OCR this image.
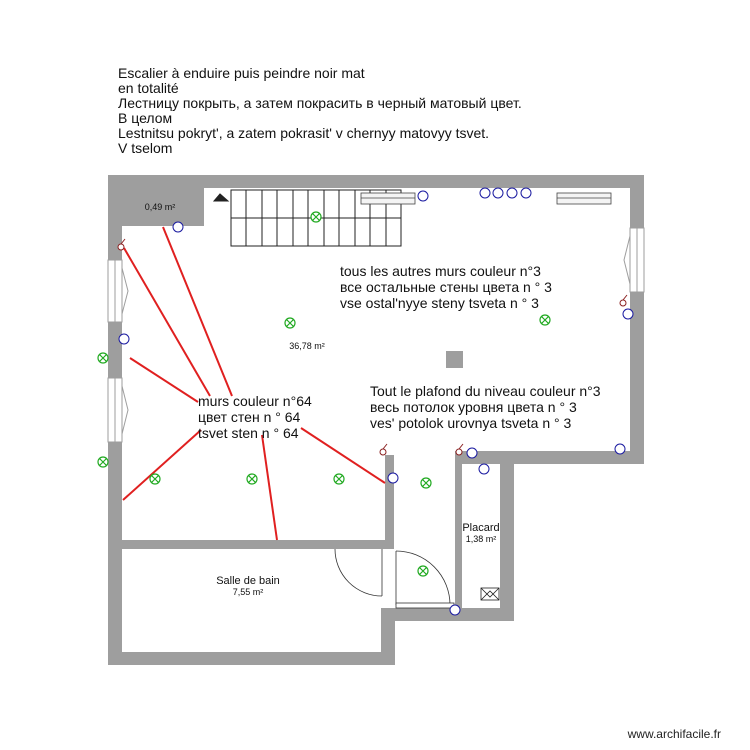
Escalier à enduire puis peindre noir mat
en totalité
Лестницу покрыть, а затем покрасить в черный матовый цвет.
В целом
Lestnitsu pokryt', a zatem pokrasit' v chernyy matovyy tsvet.
V tselom

tous les autres murs couleur n°3
все остальные стены цвета n ° 3
vse ostal'nyye steny tsveta n ° 3

Tout le plafond du niveau couleur n°3
весь потолок уровня цвета n ° 3
ves' potolok urovnya tsveta n ° 3

murs couleur n°64
цвет стен n ° 64
tsvet sten n ° 64

0,49 m²
36,78 m²
Salle de bain
7,55 m²
Placard
1,38 m²
www.archifacile.fr
